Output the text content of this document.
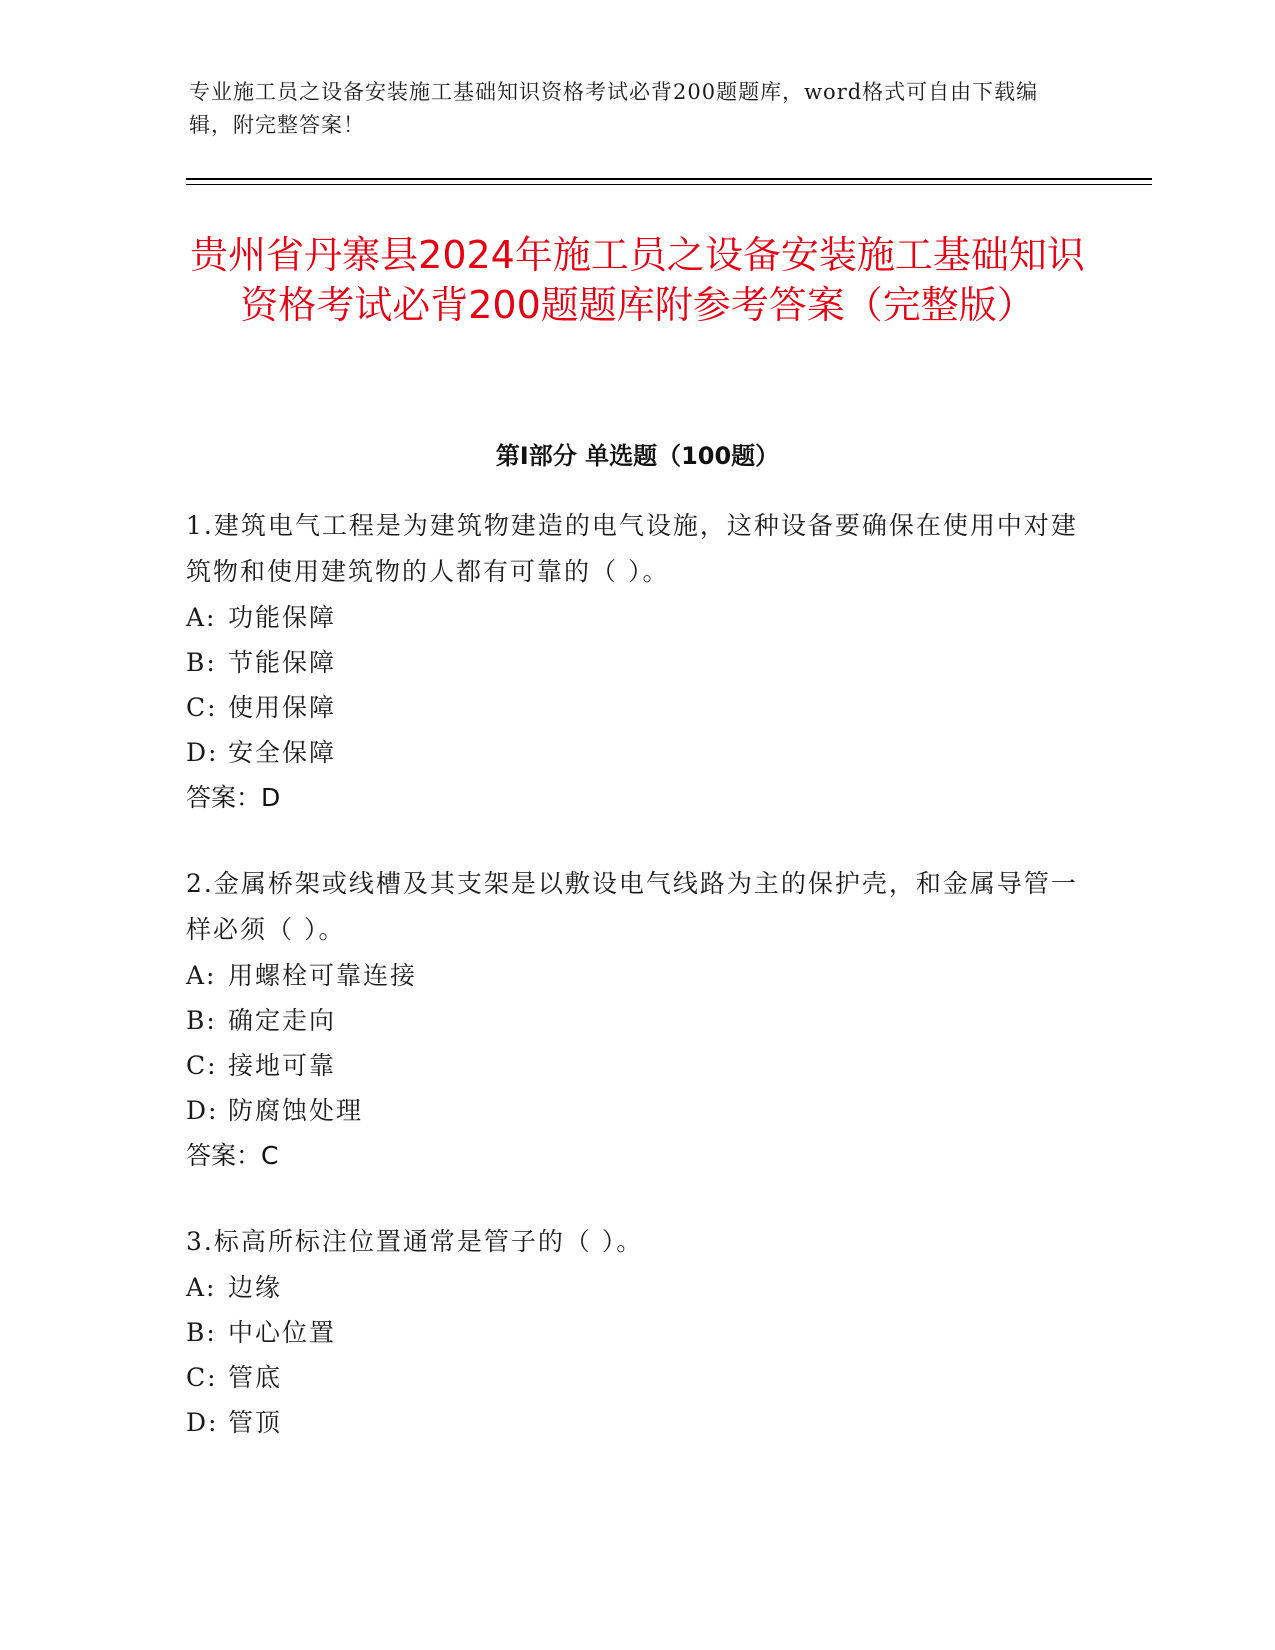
专业施工员之设备安装施工基础知识资格考试必背200题题库，word格式可自由下载编辑，附完整答案！
贵州省丹寨县2024年施工员之设备安装施工基础知识资格考试必背200题题库附参考答案（完整版）
第I部分 单选题（100题）

1.建筑电气工程是为建筑物建造的电气设施，这种设备要确保在使用中对建筑物和使用建筑物的人都有可靠的（ ）。

A: 功能保障
B: 节能保障
C: 使用保障
D: 安全保障
答案：D

2.金属桥架或线槽及其支架是以敷设电气线路为主的保护壳，和金属导管一样必须（ ）。

A: 用螺栓可靠连接
B: 确定走向
C: 接地可靠
D: 防腐蚀处理
答案：C

3.标高所标注位置通常是管子的（ ）。

A: 边缘
B: 中心位置
C: 管底
D: 管顶
